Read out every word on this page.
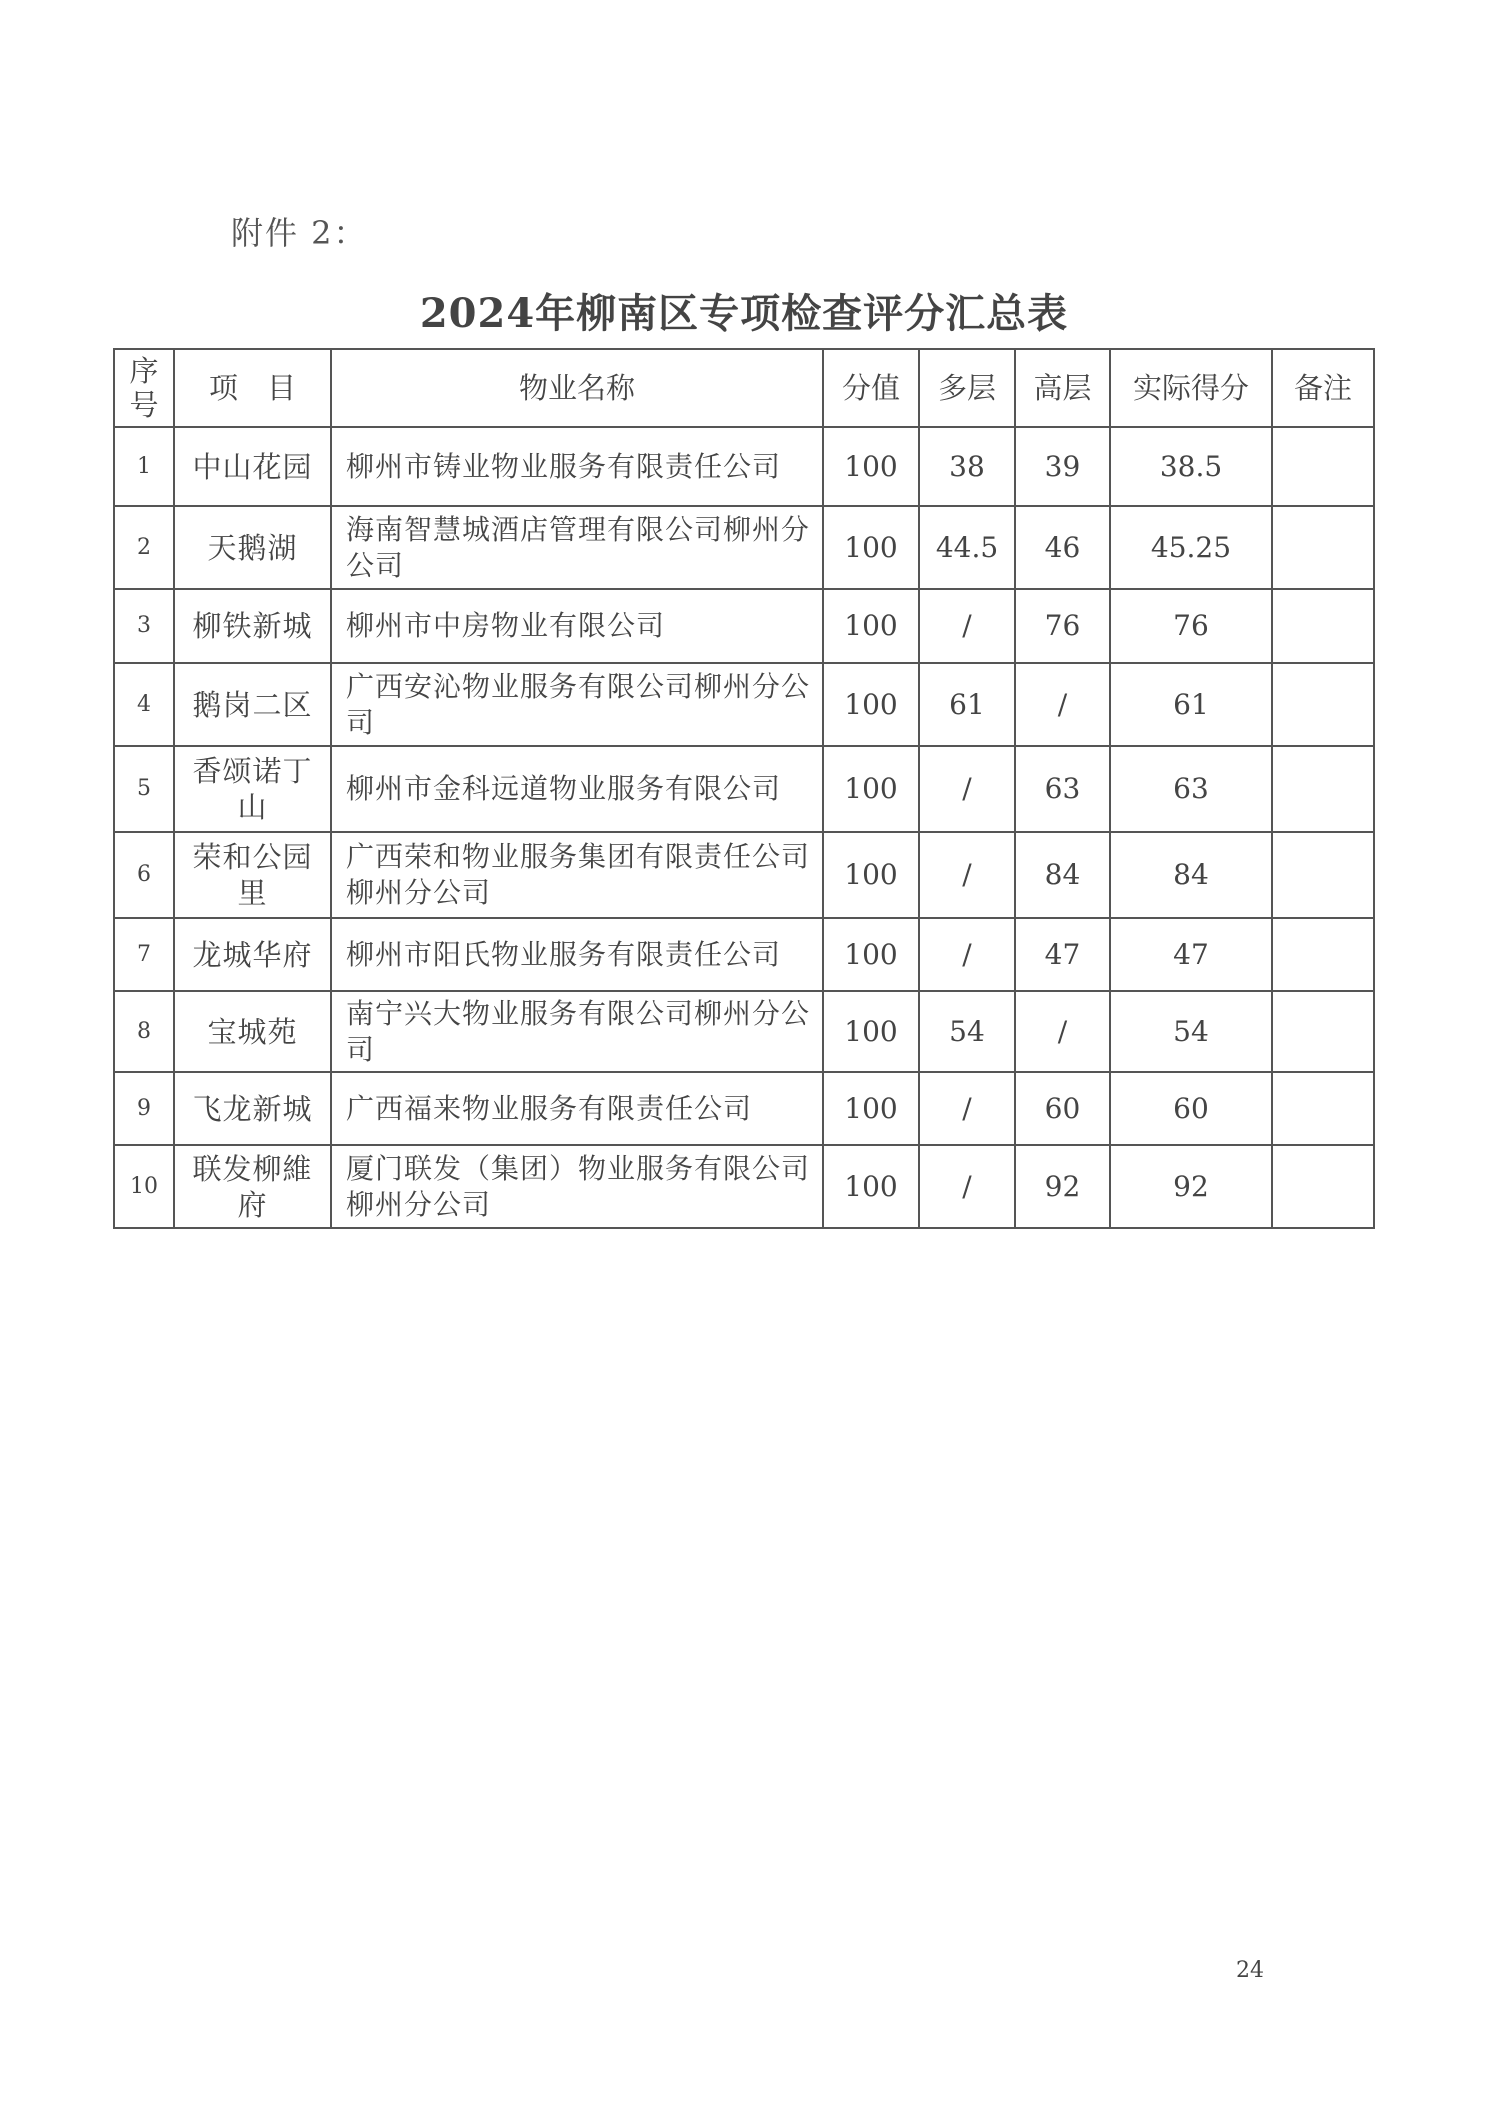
附件 2：
2024年柳南区专项检查评分汇总表
序号	项　目	物业名称	分值	多层	高层	实际得分	备注
1	中山花园	柳州市铸业物业服务有限责任公司	100	38	39	38.5	
2	天鹅湖	海南智慧城酒店管理有限公司柳州分公司	100	44.5	46	45.25	
3	柳铁新城	柳州市中房物业有限公司	100	/	76	76	
4	鹅岗二区	广西安沁物业服务有限公司柳州分公司	100	61	/	61	
5	香颂诺丁山	柳州市金科远道物业服务有限公司	100	/	63	63	
6	荣和公园里	广西荣和物业服务集团有限责任公司柳州分公司	100	/	84	84	
7	龙城华府	柳州市阳氏物业服务有限责任公司	100	/	47	47	
8	宝城苑	南宁兴大物业服务有限公司柳州分公司	100	54	/	54	
9	飞龙新城	广西福来物业服务有限责任公司	100	/	60	60	
10	联发柳維府	厦门联发（集团）物业服务有限公司柳州分公司	100	/	92	92	
24
